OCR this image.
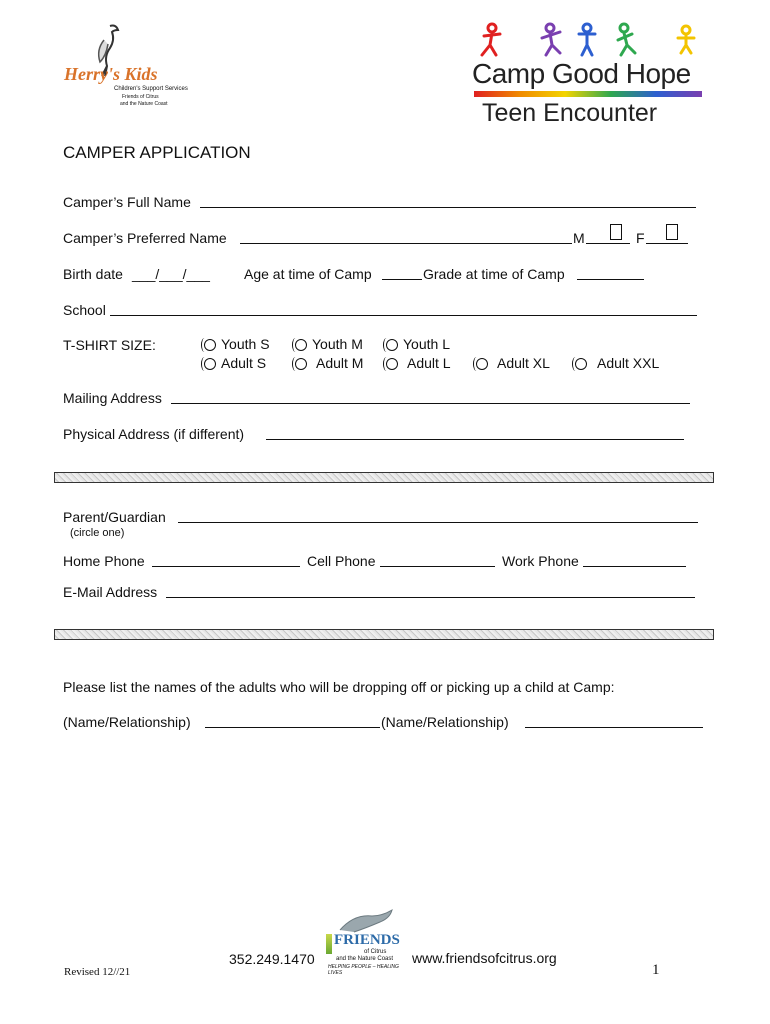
Herry's Kids
Children's Support Services
Friends of Citrus
and the Nature Coast
Camp Good Hope
Teen Encounter
CAMPER APPLICATION
Camper’s Full Name
Camper’s Preferred Name	M	F
Birth date ___/___/___ Age at time of Camp	Grade at time of Camp
School
T-SHIRT SIZE:	Youth S	Youth M	Youth L
Adult S	Adult M	Adult L	Adult XL	Adult XXL
Mailing Address
Physical Address (if different)
Parent/Guardian
(circle one)
Home Phone	Cell Phone	Work Phone
E-Mail Address
Please list the names of the adults who will be dropping off or picking up a child at Camp:
(Name/Relationship)	(Name/Relationship)
Revised 12//21
352.249.1470
FRIENDS
of Citrus
and the Nature Coast
HELPING PEOPLE – HEALING LIVES
www.friendsofcitrus.org
1
